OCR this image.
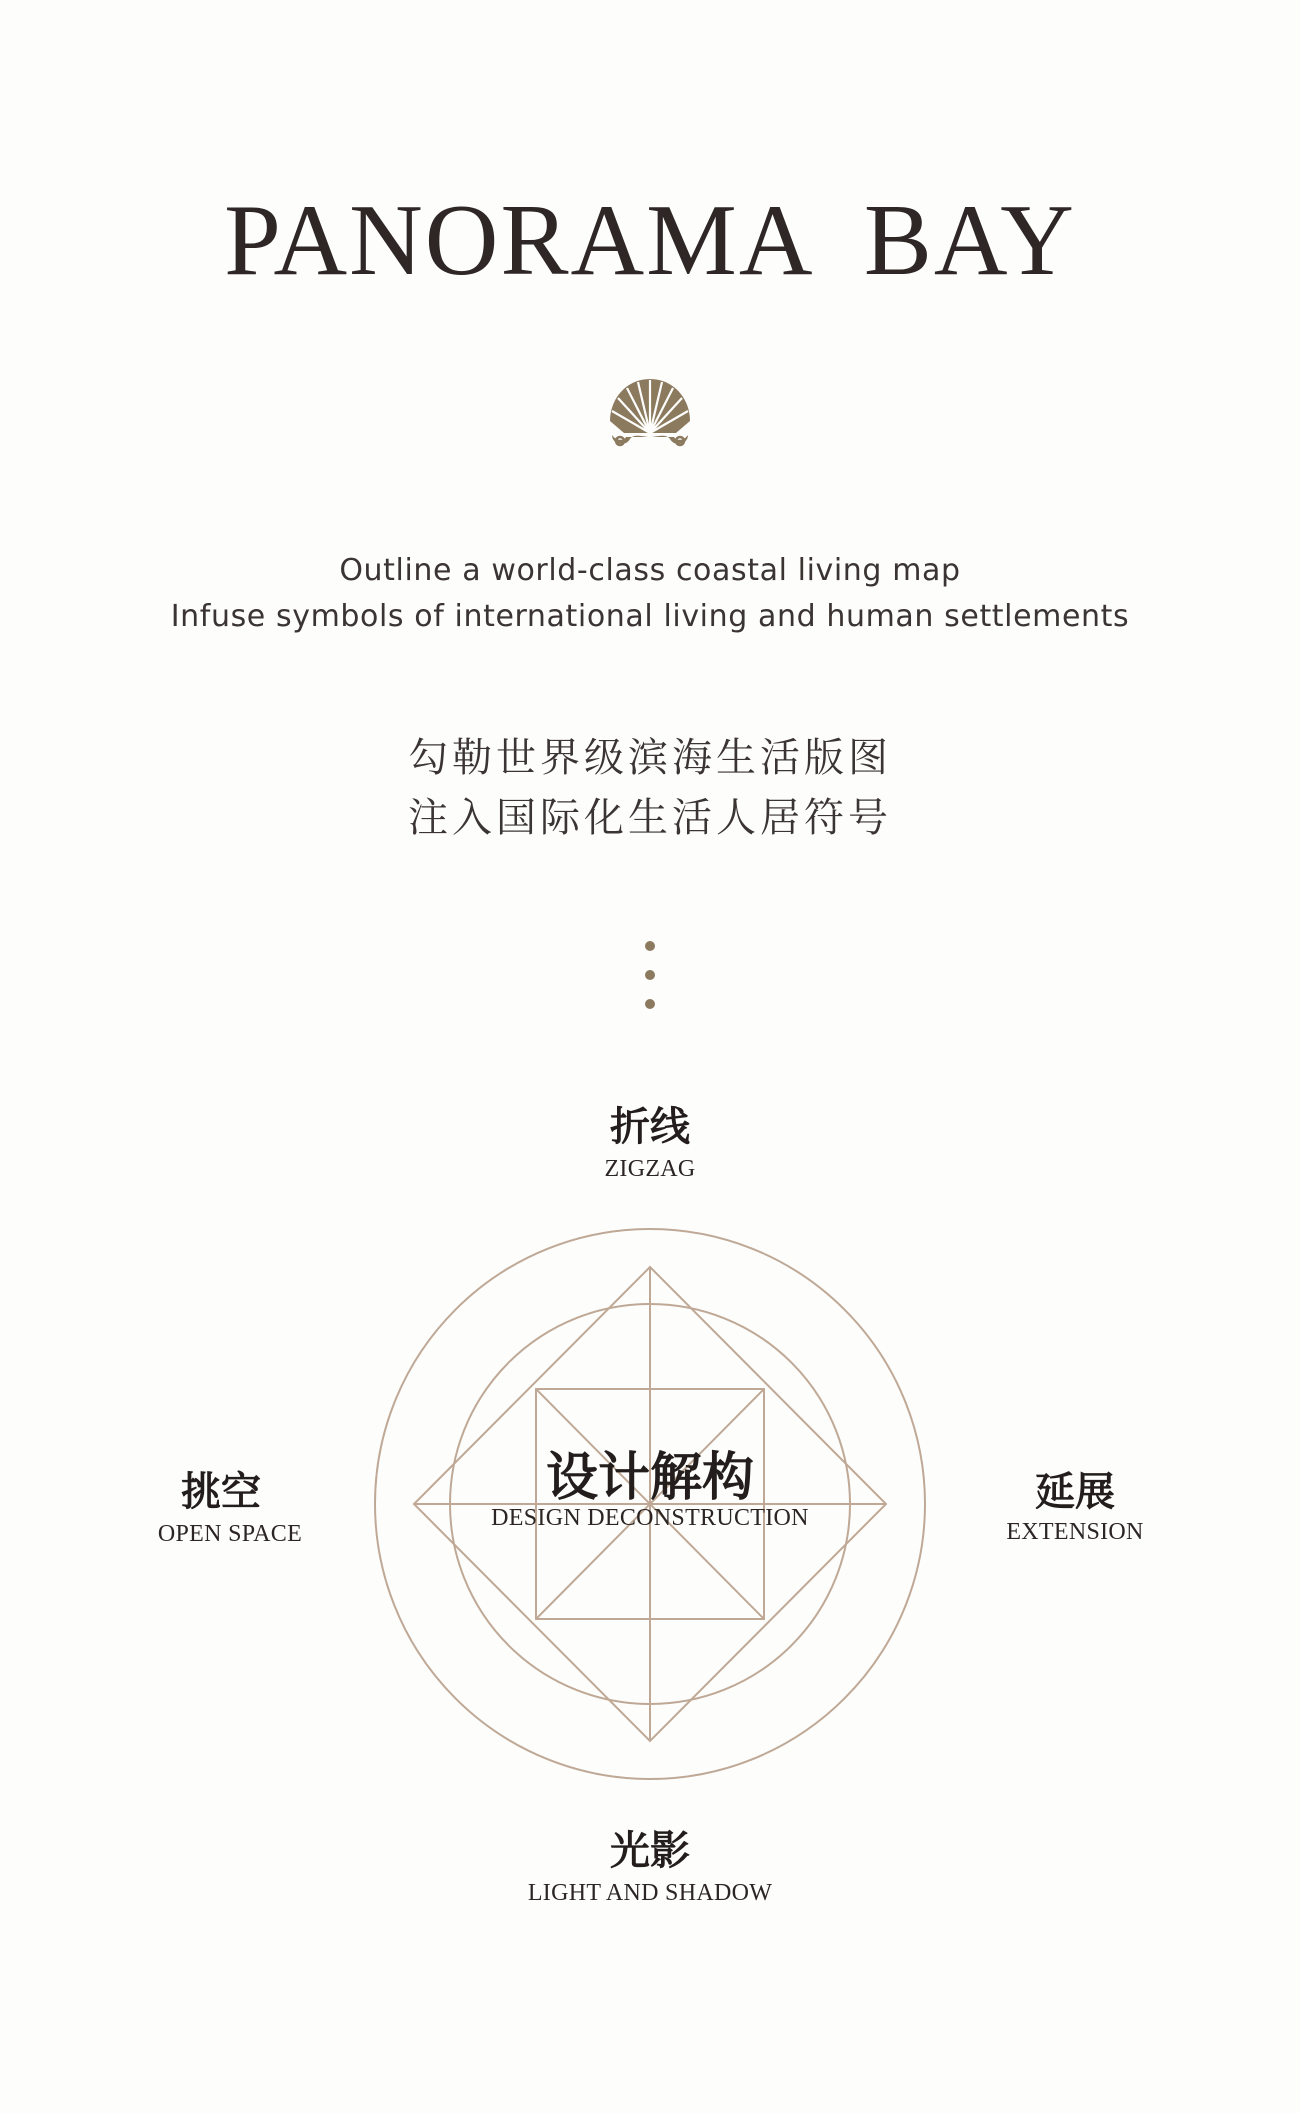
PANORAMA  BAY
Outline a world-class coastal living map
Infuse symbols of international living and human settlements
勾勒世界级滨海生活版图
注入国际化生活人居符号
折线
ZIGZAG
设计解构
DESIGN DECONSTRUCTION
挑空
OPEN SPACE
延展
EXTENSION
光影
LIGHT AND SHADOW
